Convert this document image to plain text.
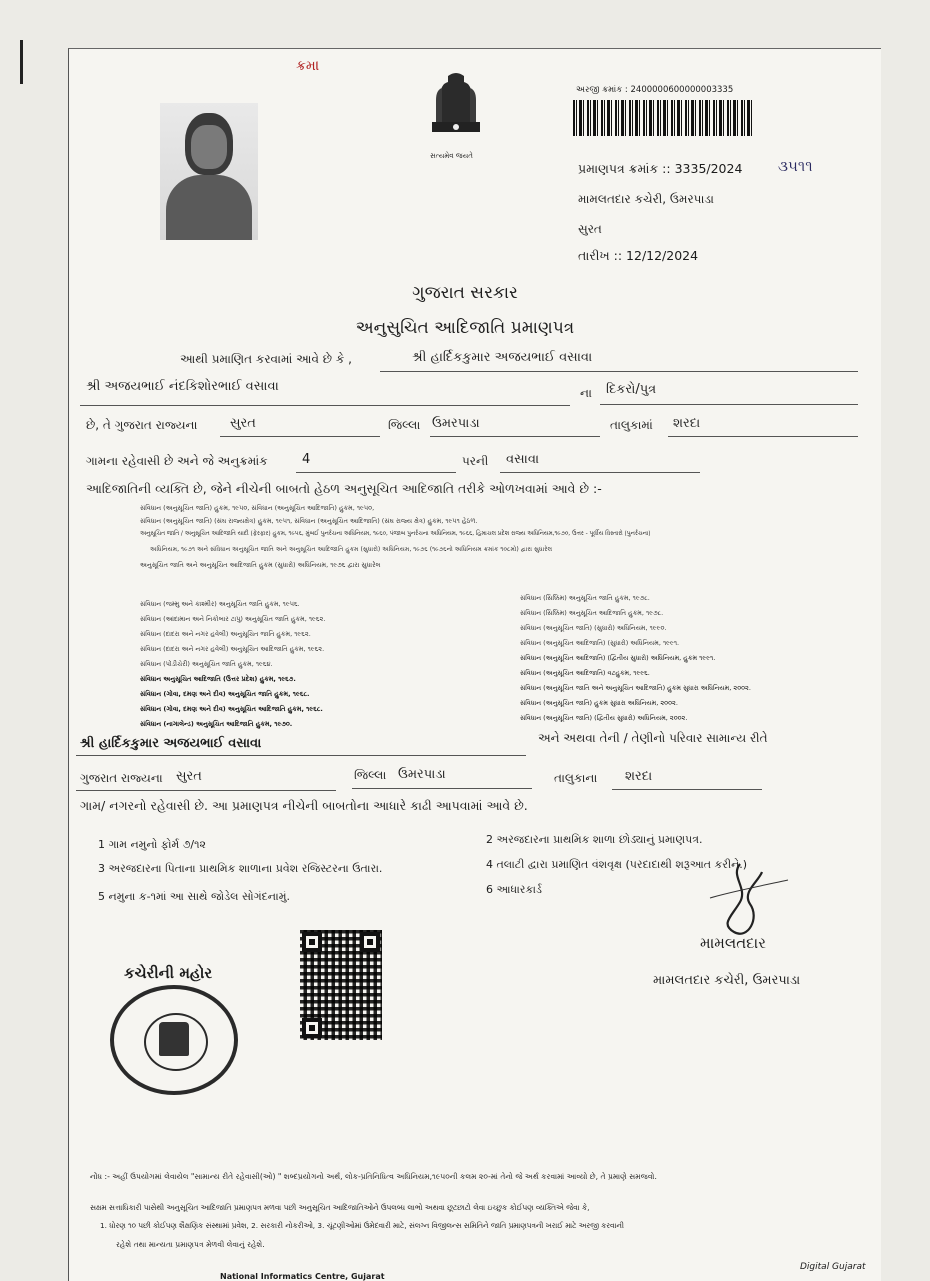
ક્રમ।
સત્યમેવ જયતે
અરજી ક્રમાંક : 2400000600000003335
પ્રમાણપત્ર ક્રમાંક :: 3335/2024 ૩૫૧૧
મામલતદાર કચેરી, ઉમરપાડા
સુરત
તારીખ :: 12/12/2024
ગુજરાત સરકાર
અનુસુચિત આદિજાતિ પ્રમાણપત્ર
આથી પ્રમાણિત કરવામાં આવે છે કે ,	શ્રી હાર્દિકકુમાર અજયભાઈ વસાવા
શ્રી અજયભાઈ નંદકિશોરભાઈ વસાવા	ના દિકરો/પુત્ર
છે, તે ગુજરાત રાજ્યના	સુરત	જિલ્લા ઉમરપાડા	તાલુકામાં શરદા
ગામના રહેવાસી છે અને જે અનુક્રમાંક	4	પરની વસાવા
આદિજાતિની વ્યક્તિ છે, જેને નીચેની બાબતો હેઠળ અનુસૂચિત આદિજાતિ તરીકે ઓળખવામાં આવે છે :-
સંવિધાન (અનુસૂચિત જાતિ) હુકમ, ૧૯૫૦, સંવિધાન (અનુસૂચિત આદિજાતિ) હુકમ, ૧૯૫૦,
સંવિધાન (અનુસૂચિત જાતિ) (સંઘ રાજ્યક્ષેત્ર) હુકમ, ૧૯૫૧, સંવિધાન (અનુસૂચિત આદિજાતિ) (સંઘ રાજ્ય ક્ષેત્ર) હુકમ, ૧૯૫૧ હેઠળ.
અનુસૂચિત જાતિ / અનુસૂચિત આદિજાતિ યાદી (ફેરફાર) હુકમ, ૧૯૫૬, મુંબઈ પુનર્રચના અધિનિયમ, ૧૯૬૦, પંજાબ પુનર્રચના અધિનિયમ, ૧૯૬૬, હિમાચલ પ્રદેશ રાજ્ય અધિનિયમ,૧૯૭૦, ઉત્તર - પૂર્વીય વિસ્તારો (પુનર્રચના)
અધિનિયમ, ૧૯૭૧ અને સંવિધાન અનુસૂચિત જાતિ અને અનુસૂચિત આદિજાતિ હુકમ (સુધારો) અધિનિયમ, ૧૯૭૬ (૧૯૭૬નો અધિનિયમ ક્રમાંક ૧૦૮મો) દ્વારા સુધારેલ
અનુસૂચિત જાતિ અને અનુસૂચિત આદિજાતિ હુકમ (સુધારો) અધિનિયમ, ૧૯૭૬ દ્વારા સુધારેલ
સંવિધાન (જમ્મુ અને કાશ્મીર) અનુસૂચિત જાતિ હુકમ, ૧૯૫૬.
સંવિધાન (આંદામાન અને નિકોબાર ટાપુ) અનુસૂચિત જાતિ હુકમ, ૧૯૬૨.
સંવિધાન (દાદરા અને નગર હવેલી) અનુસૂચિત જાતિ હુકમ, ૧૯૬૨.
સંવિધાન (દાદરા અને નગર હવેલી) અનુસૂચિત આદિજાતિ હુકમ, ૧૯૬૨.
સંવિધાન (પોંડીચેરી) અનુસૂચિત જાતિ હુકમ, ૧૯૬૪.
સંવિધાન અનુસૂચિત આદિજાતિ (ઉત્તર પ્રદેશ) હુકમ, ૧૯૬૭.
સંવિધાન (ગોવા, દમણ અને દીવ) અનુસૂચિત જાતિ હુકમ, ૧૯૬૮.
સંવિધાન (ગોવા, દમણ અને દીવ) અનુસૂચિત આદિજાતિ હુકમ, ૧૯૬૮.
સંવિધાન (નાગાલેન્ડ) અનુસૂચિત આદિજાતિ હુકમ, ૧૯૭૦.
સંવિધાન (સિક્કિમ) અનુસૂચિત જાતિ હુકમ, ૧૯૭૮.
સંવિધાન (સિક્કિમ) અનુસૂચિત આદિજાતિ હુકમ, ૧૯૭૮.
સંવિધાન (અનુસૂચિત જાતિ) (સુધારો) અધિનિયમ, ૧૯૯૦.
સંવિધાન (અનુસૂચિત આદિજાતિ) (સુધારો) અધિનિયમ, ૧૯૯૧.
સંવિધાન (અનુસૂચિત આદિજાતિ) (દ્વિતીય સુધારો) અધિનિયમ, હુકમ ૧૯૯૧.
સંવિધાન (અનુસૂચિત આદિજાતિ) વટહુકમ, ૧૯૯૬.
સંવિધાન (અનુસૂચિત જાતિ અને અનુસૂચિત આદિજાતિ) હુકમ સુધારા અધિનિયમ, ૨૦૦૨.
સંવિધાન (અનુસૂચિત જાતિ) હુકમ સુધારા અધિનિયમ, ૨૦૦૨.
સંવિધાન (અનુસૂચિત જાતિ) (દ્વિતીય સુધારો) અધિનિયમ, ૨૦૦૨.
શ્રી હાર્દિકકુમાર અજયભાઈ વસાવા	અને અથવા તેની / તેણીનો પરિવાર સામાન્ય રીતે
ગુજરાત રાજ્યના સુરત	જિલ્લા ઉમરપાડા	તાલુકાના શરદા
ગામ/ નગરનો રહેવાસી છે. આ પ્રમાણપત્ર નીચેની બાબતોના આધારે કાઢી આપવામાં આવે છે.
1 ગામ નમુનો ફોર્મ ૭/૧૨	2 અરજદારના પ્રાથમિક શાળા છોડ્યાનું પ્રમાણપત્ર.
3 અરજદારના પિતાના પ્રાથમિક શાળાના પ્રવેશ રજિસ્ટરના ઉતારા.	4 તલાટી દ્વારા પ્રમાણિત વંશવૃક્ષ (પરદાદાથી શરૂઆત કરીને.)
5 નમુના ક-૧માં આ સાથે જોડેલ સોગંદનામું.
6 આધારકાર્ડ
કચેરીની મહોર
મામલતદાર
મામલતદાર કચેરી, ઉમરપાડા
નોંધ :- અહીં ઉપયોગમાં લેવાયેલ "સામાન્ય રીતે રહેવાસી(ઓ) " શબ્દપ્રયોગનો અર્થ, લોક-પ્રતિનિધિત્વ અધિનિયમ,૧૯૫૦ની કલમ ૨૦-માં તેનો જે અર્થ કરવામાં આવ્યો છે, તે પ્રમાણે સમજવો.
સક્ષમ સત્તાધિકારી પાસેથી અનુસૂચિત આદિજાતિ પ્રમાણપત્ર મળવા પછી અનુસૂચિત આદિજાતિઓને ઉપલબ્ધ લાભો અથવા છૂટછાટો લેવા ઇચ્છુક કોઈપણ વ્યક્તિએ જેવા કે,
1. ધોરણ ૧૦ પછી કોઈપણ શૈક્ષણિક સંસ્થામાં પ્રવેશ, 2. સરકારી નોકરીઓ, 3. ચૂંટણીઓમાં ઉમેદવારી માટે, સંલગ્ન વિજીલન્સ સમિતિને જાતિ પ્રમાણપત્રની ખરાઈ માટે અરજી કરવાની
રહેશે તથા માન્યતા પ્રમાણપત્ર મેળવી લેવાનું રહેશે.
National Informatics Centre, Gujarat
Digital Gujarat
